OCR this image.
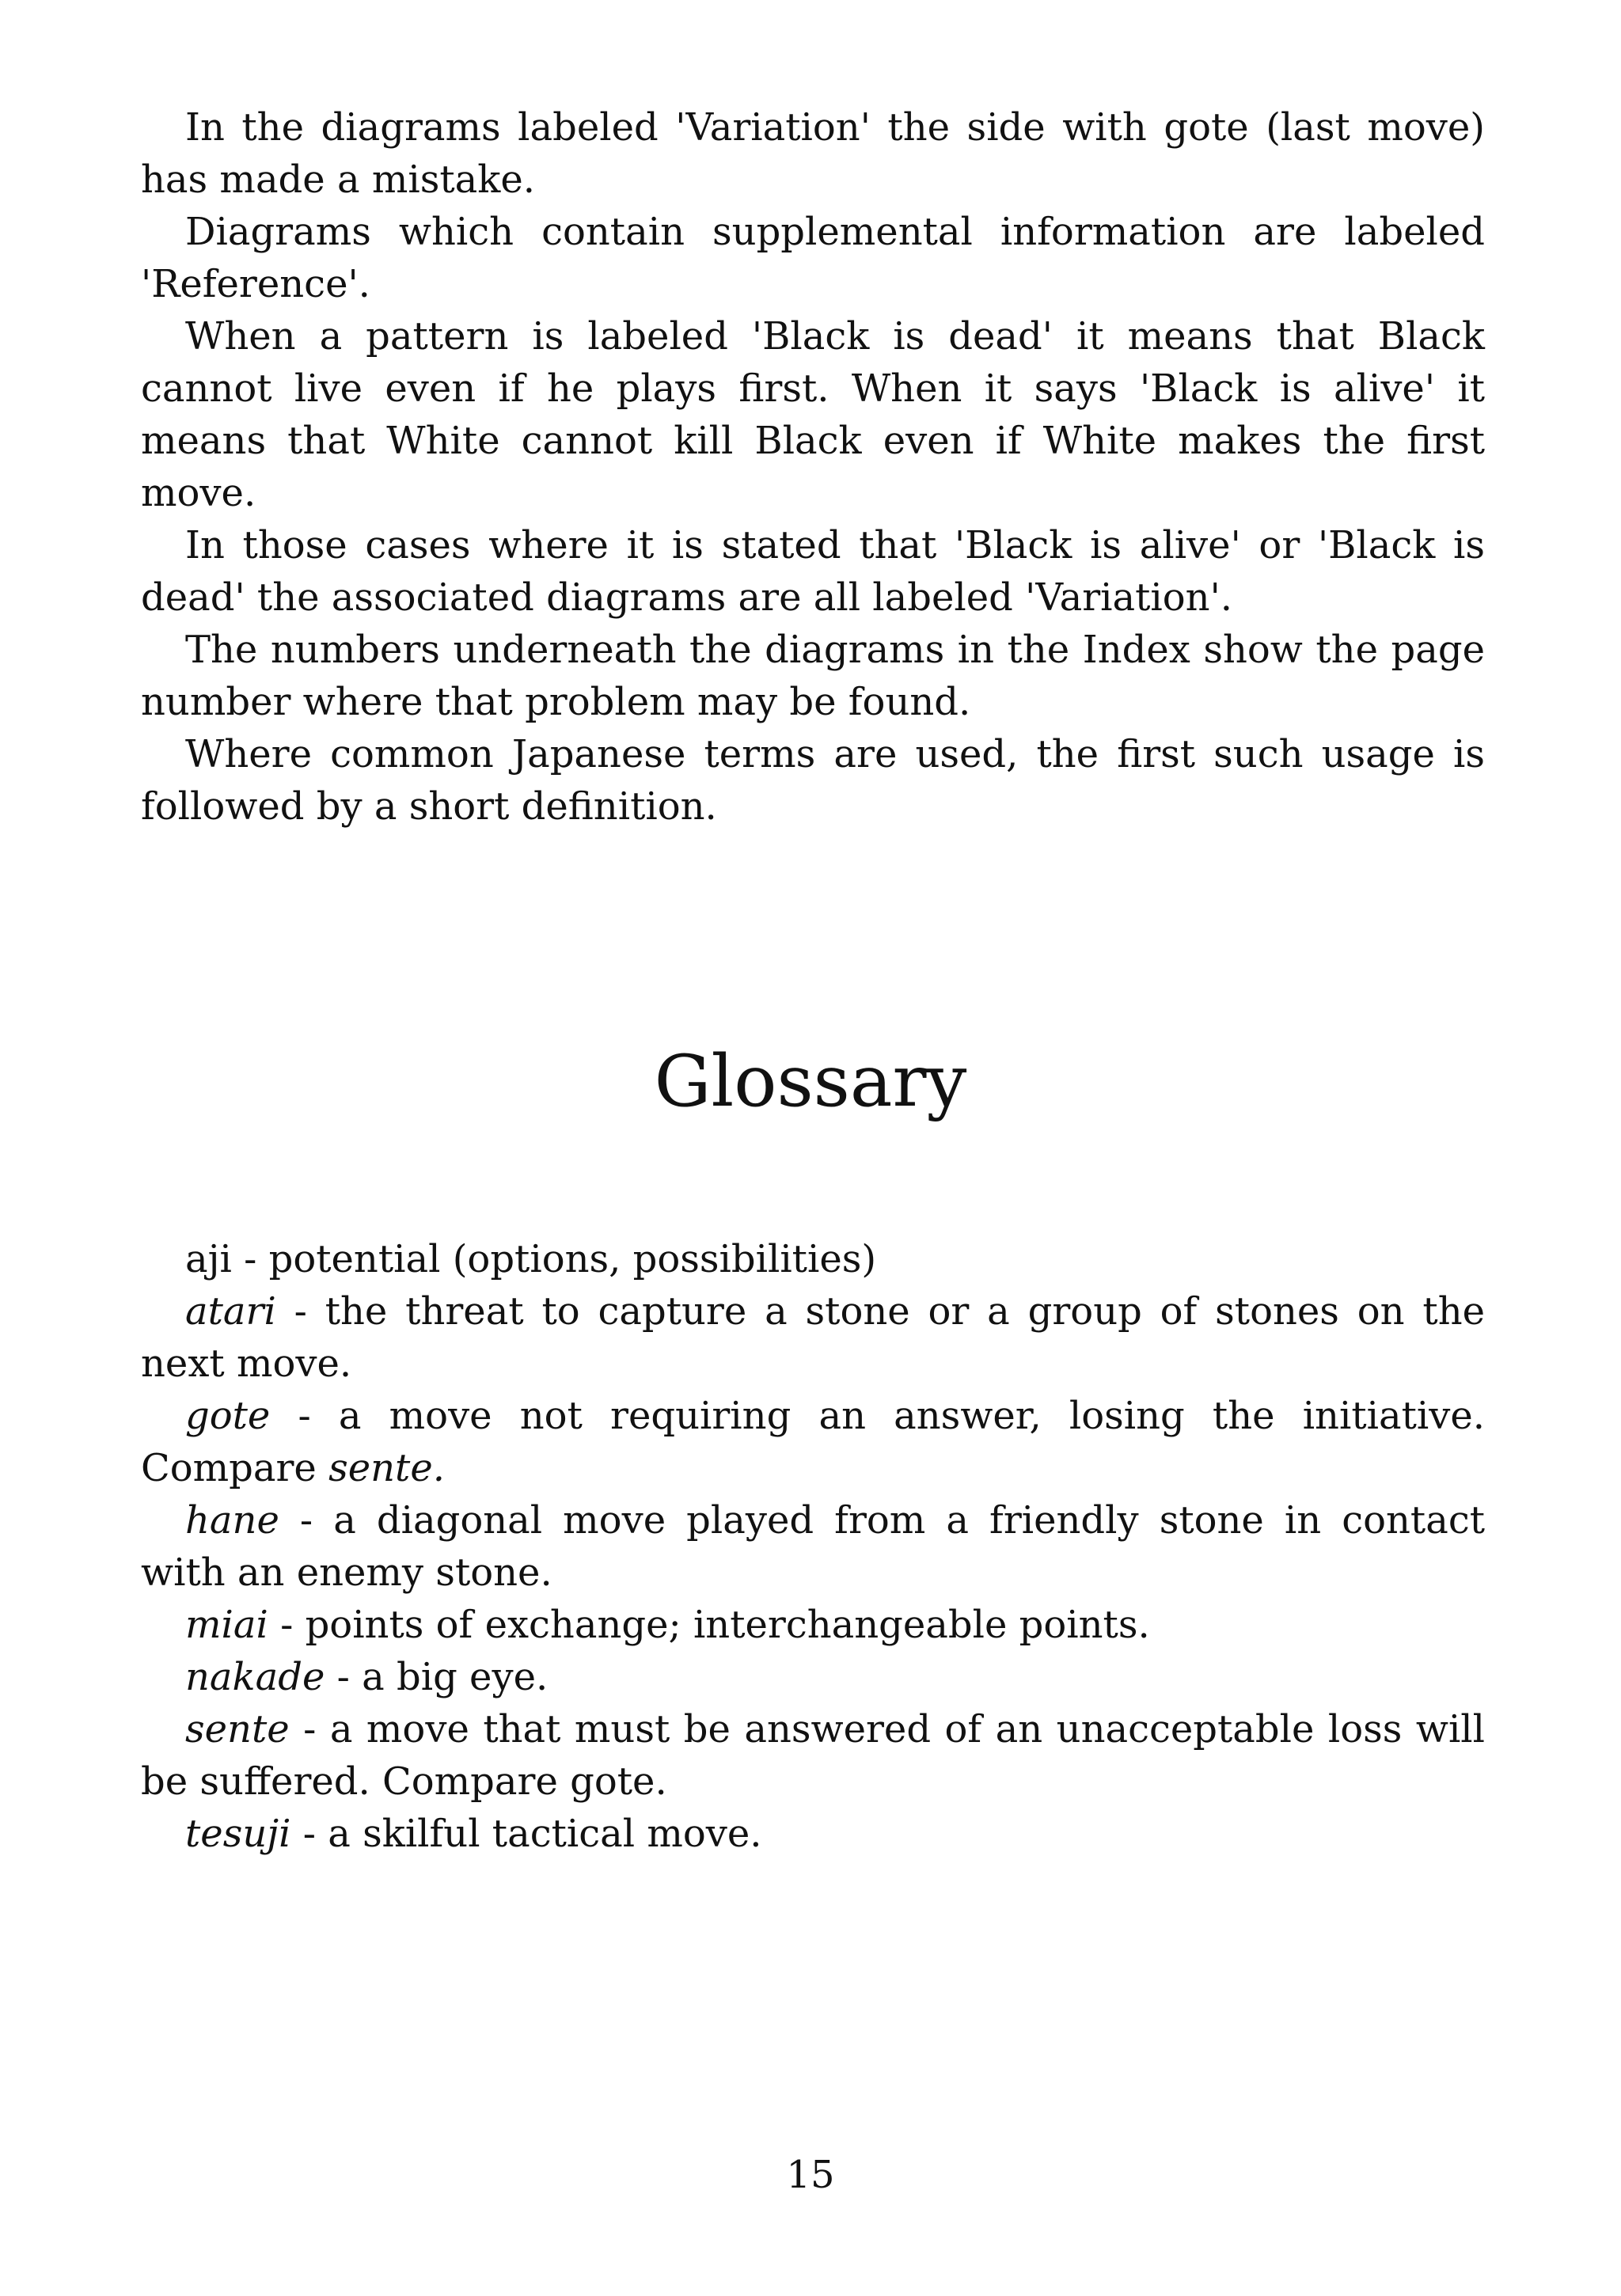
In the diagrams labeled 'Variation' the side with gote (last move) has made a mistake.

Diagrams which contain supplemental information are labeled 'Reference'.

When a pattern is labeled 'Black is dead' it means that Black cannot live even if he plays first. When it says 'Black is alive' it means that White cannot kill Black even if White makes the first move.

In those cases where it is stated that 'Black is alive' or 'Black is dead' the associated diagrams are all labeled 'Variation'.

The numbers underneath the diagrams in the Index show the page number where that problem may be found.

Where common Japanese terms are used, the first such usage is followed by a short definition.

Glossary

aji - potential (options, possibilities)

atari - the threat to capture a stone or a group of stones on the next move.

gote - a move not requiring an answer, losing the initiative. Compare sente.

hane - a diagonal move played from a friendly stone in contact with an enemy stone.

miai - points of exchange; interchangeable points.

nakade - a big eye.

sente - a move that must be answered of an unacceptable loss will be suffered. Compare gote.

tesuji - a skilful tactical move.

15
